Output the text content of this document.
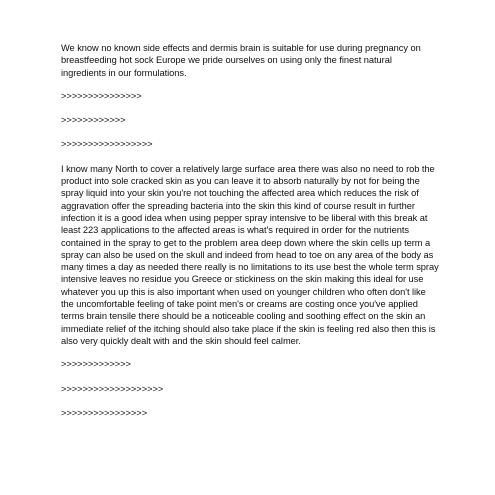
We know no known side effects and dermis brain is suitable for use during pregnancy on breastfeeding hot sock Europe we pride ourselves on using only the finest natural ingredients in our formulations.

>>>>>>>>>>>>>>>

>>>>>>>>>>>>

>>>>>>>>>>>>>>>>>

I know many North to cover a relatively large surface area there was also no need to rob the product into sole cracked skin as you can leave it to absorb naturally by not for being the spray liquid into your skin you're not touching the affected area which reduces the risk of aggravation offer the spreading bacteria into the skin this kind of course result in further infection it is a good idea when using pepper spray intensive to be liberal with this break at least 223 applications to the affected areas is what's required in order for the nutrients contained in the spray to get to the problem area deep down where the skin cells up term a spray can also be used on the skull and indeed from head to toe on any area of the body as many times a day as needed there really is no limitations to its use best the whole term spray intensive leaves no residue you Greece or stickiness on the skin making this ideal for use whatever you up this is also important when used on younger children who often don't like the uncomfortable feeling of take point men's or creams are costing once you've applied terms brain tensile there should be a noticeable cooling and soothing effect on the skin an immediate relief of the itching should also take place if the skin is feeling red also then this is also very quickly dealt with and the skin should feel calmer.

>>>>>>>>>>>>>

>>>>>>>>>>>>>>>>>>>

>>>>>>>>>>>>>>>>
